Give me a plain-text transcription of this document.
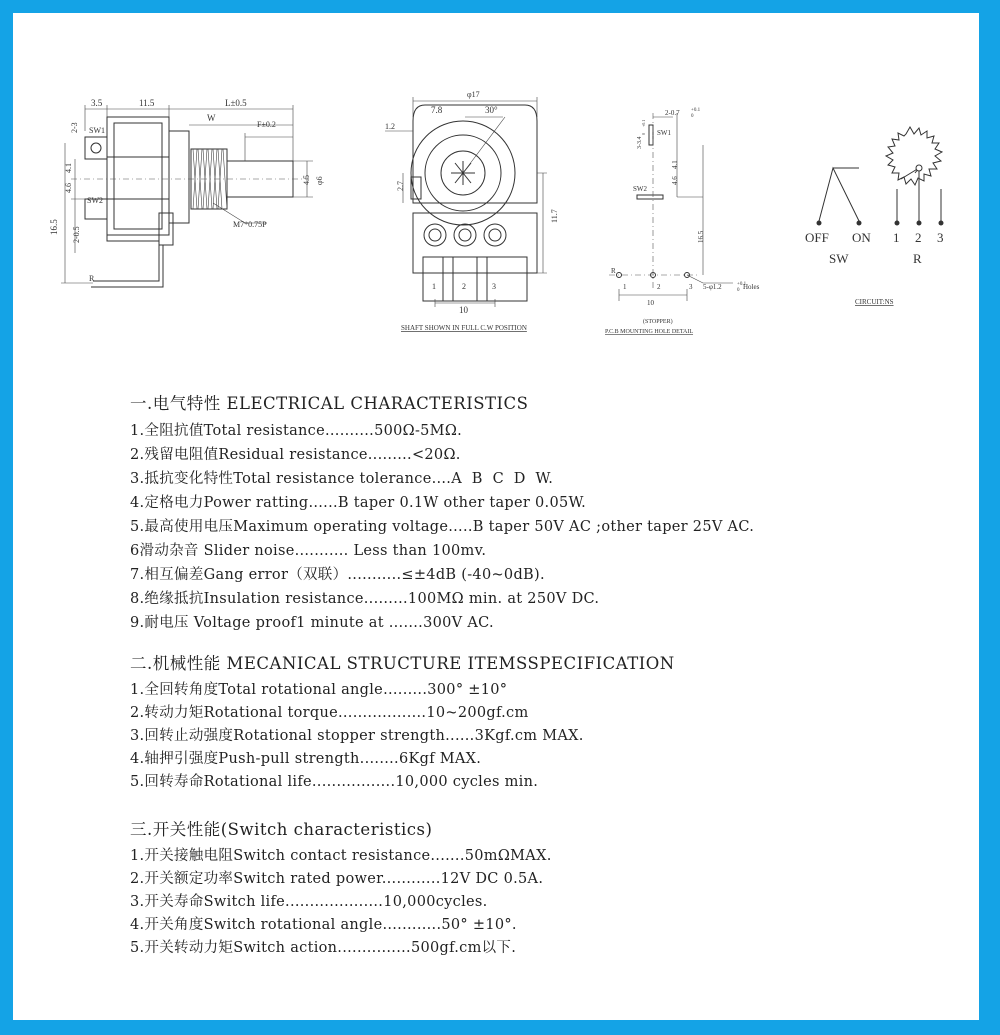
3.5	11.5	L±0.5
W
F±0.2
2-3
4.1
4.6
16.5 2-0.5
4.5 φ6
M7*0.75P
SW1
SW2
R
φ17
7.8	30°
1.2
2.7
11.7
10
1	2	3
SHAFT SHOWN IN FULL C.W POSITION
2-0.7 +0.1
0
3-3.4
+0.1
0
4.1
4.6
16.5
10
5-φ1.2	+0.1
0 Holes
SW1
SW2
R
1	2	3
(STOPPER)
P.C.B MOUNTING HOLE DETAIL
OFF ON 1 2 3
SW	R
CIRCUIT:NS
一.电气特性 ELECTRICAL CHARACTERISTICS
1.全阻抗值Total resistance..........500Ω-5MΩ.
2.残留电阻值Residual resistance.........<20Ω.
3.抵抗变化特性Total resistance tolerance....A  B  C  D  W.
4.定格电力Power ratting......B taper 0.1W other taper 0.05W.
5.最高使用电压Maximum operating voltage.....B taper 50V AC ;other taper 25V AC.
6滑动杂音 Slider noise........... Less than 100mv.
7.相互偏差Gang error（双联）...........≤±4dB (-40~0dB).
8.绝缘抵抗Insulation resistance.........100MΩ min. at 250V DC.
9.耐电压 Voltage proof1 minute at .......300V AC.
二.机械性能 MECANICAL STRUCTURE ITEMSSPECIFICATION
1.全回转角度Total rotational angle.........300° ±10°
2.转动力矩Rotational torque..................10~200gf.cm
3.回转止动强度Rotational stopper strength......3Kgf.cm MAX.
4.轴押引强度Push-pull strength........6Kgf MAX.
5.回转寿命Rotational life.................10,000 cycles min.
三.开关性能(Switch characteristics)
1.开关接触电阻Switch contact resistance.......50mΩMAX.
2.开关额定功率Switch rated power............12V DC 0.5A.
3.开关寿命Switch life....................10,000cycles.
4.开关角度Switch rotational angle............50° ±10°.
5.开关转动力矩Switch action...............500gf.cm以下.
